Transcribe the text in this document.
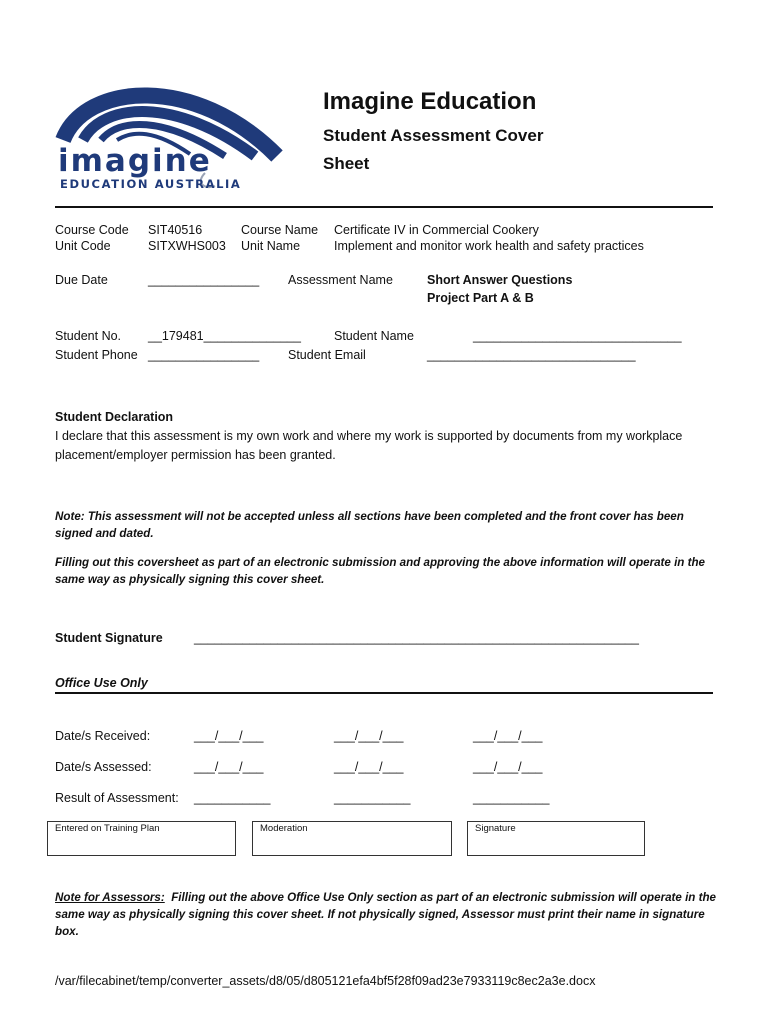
imagine
EDUCATION AUSTRALIA
Imagine Education
Student Assessment Cover Sheet
Course Code SIT40516	Course Name Certificate IV in Commercial Cookery
Unit Code	SITXWHS003 Unit Name	Implement and monitor work health and safety practices
Due Date	________________ Assessment Name	Short Answer Questions
Project Part A & B
Student No. __179481______________	Student Name	______________________________
Student Phone ________________ Student Email	______________________________
Student Declaration
I declare that this assessment is my own work and where my work is supported by documents from my workplace placement/employer permission has been granted.
Note: This assessment will not be accepted unless all sections have been completed and the front cover has been signed and dated.
Filling out this coversheet as part of an electronic submission and approving the above information will operate in the same way as physically signing this cover sheet.
Student Signature	________________________________________________________________
Office Use Only
Date/s Received:	___/___/___	___/___/___	___/___/___
Date/s Assessed:	___/___/___	___/___/___	___/___/___
Result of Assessment: ___________	___________	___________
Entered on Training Plan	Moderation	Signature
Note for Assessors:  Filling out the above Office Use Only section as part of an electronic submission will operate in the same way as physically signing this cover sheet. If not physically signed, Assessor must print their name in signature box.
/var/filecabinet/temp/converter_assets/d8/05/d805121efa4bf5f28f09ad23e7933119c8ec2a3e.docx
